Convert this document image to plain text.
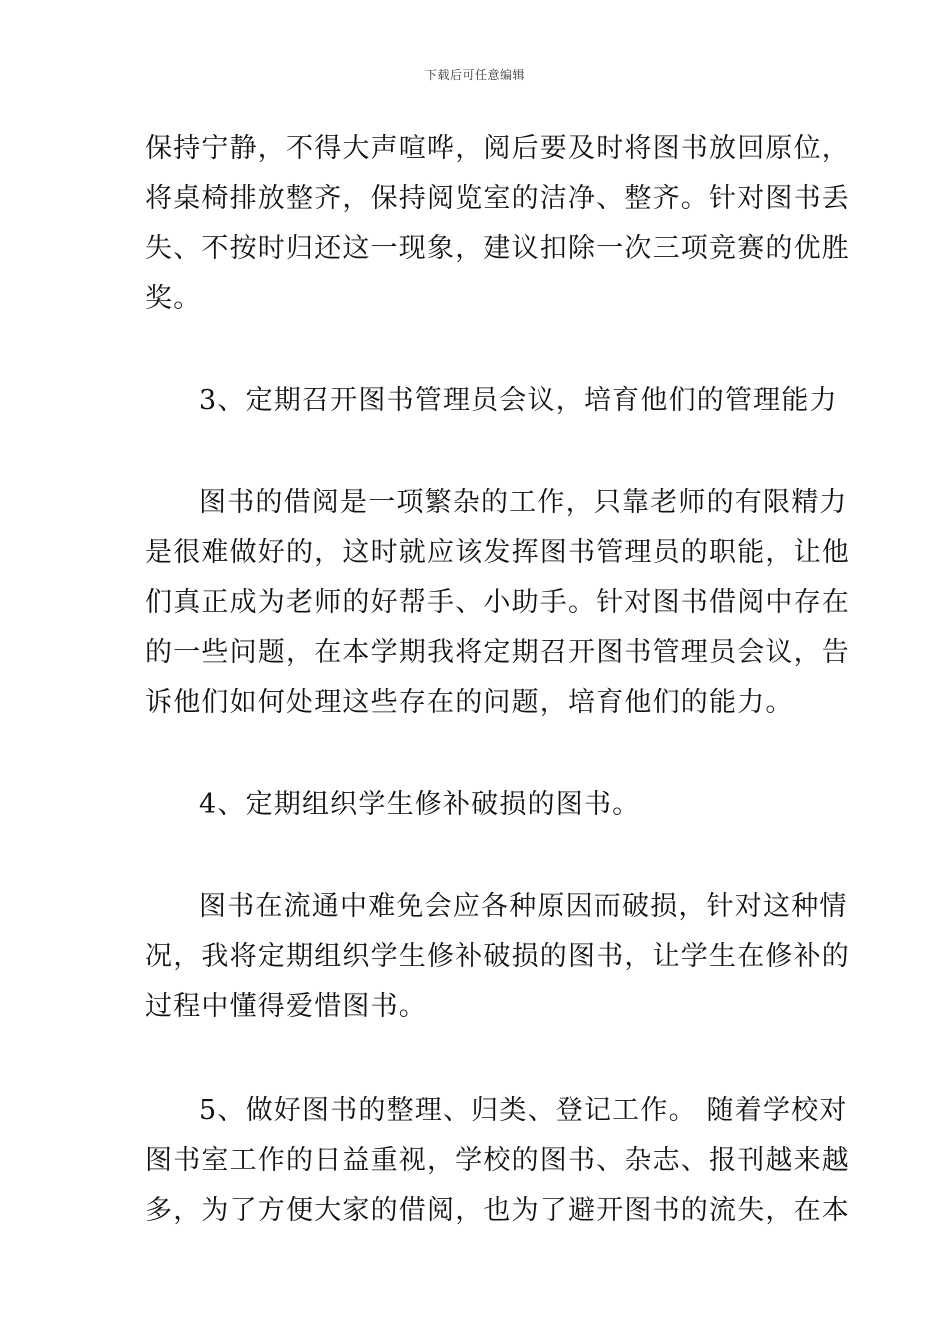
下载后可任意编辑
保持宁静，不得大声喧哗，阅后要及时将图书放回原位，
将桌椅排放整齐，保持阅览室的洁净、整齐。针对图书丢
失、不按时归还这一现象，建议扣除一次三项竞赛的优胜
奖。
3、定期召开图书管理员会议，培育他们的管理能力
图书的借阅是一项繁杂的工作，只靠老师的有限精力
是很难做好的，这时就应该发挥图书管理员的职能，让他
们真正成为老师的好帮手、小助手。针对图书借阅中存在
的一些问题，在本学期我将定期召开图书管理员会议，告
诉他们如何处理这些存在的问题，培育他们的能力。
4、定期组织学生修补破损的图书。
图书在流通中难免会应各种原因而破损，针对这种情
况，我将定期组织学生修补破损的图书，让学生在修补的
过程中懂得爱惜图书。
5、做好图书的整理、归类、登记工作。 随着学校对
图书室工作的日益重视，学校的图书、杂志、报刊越来越
多，为了方便大家的借阅，也为了避开图书的流失，在本
